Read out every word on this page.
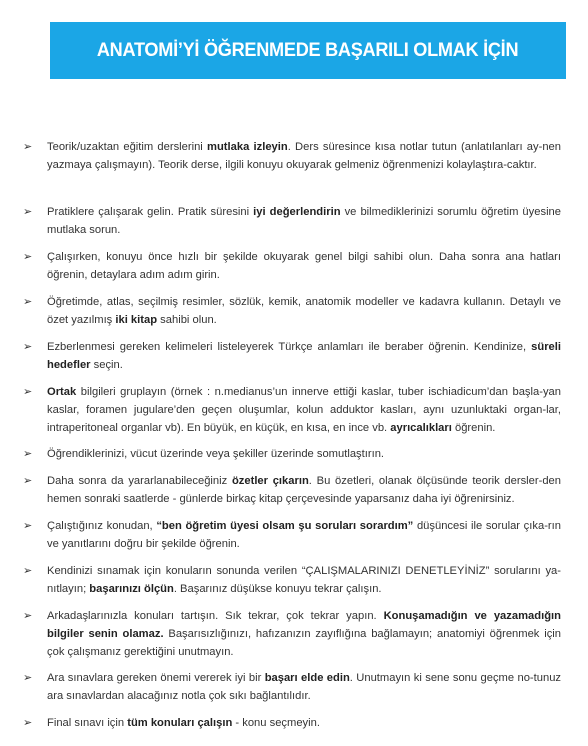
ANATOMİ’Yİ ÖĞRENMEDE BAŞARILI OLMAK İÇİN
➢	Teorik/uzaktan eğitim derslerini mutlaka izleyin. Ders süresince kısa notlar tutun (anlatılanları ay-nen yazmaya çalışmayın). Teorik derse, ilgili konuyu okuyarak gelmeniz öğrenmenizi kolaylaştıra-caktır.
➢	Pratiklere çalışarak gelin. Pratik süresini iyi değerlendirin ve bilmediklerinizi sorumlu öğretim üyesine mutlaka sorun.
➢	Çalışırken, konuyu önce hızlı bir şekilde okuyarak genel bilgi sahibi olun. Daha sonra ana hatları öğrenin, detaylara adım adım girin.
➢	Öğretimde, atlas, seçilmiş resimler, sözlük, kemik, anatomik modeller ve kadavra kullanın. Detaylı ve özet yazılmış iki kitap sahibi olun.
➢	Ezberlenmesi gereken kelimeleri listeleyerek Türkçe anlamları ile beraber öğrenin. Kendinize, süreli hedefler seçin.
➢	Ortak bilgileri gruplayın (örnek : n.medianus’un innerve ettiği kaslar, tuber ischiadicum’dan başla-yan kaslar, foramen jugulare’den geçen oluşumlar, kolun adduktor kasları, aynı uzunluktaki organ-lar, intraperitoneal organlar vb). En büyük, en küçük, en kısa, en ince vb. ayrıcalıkları öğrenin.
➢	Öğrendiklerinizi, vücut üzerinde veya şekiller üzerinde somutlaştırın.
➢	Daha sonra da yararlanabileceğiniz özetler çıkarın. Bu özetleri, olanak ölçüsünde teorik dersler-den hemen sonraki saatlerde - günlerde birkaç kitap çerçevesinde yaparsanız daha iyi öğrenirsiniz.
➢	Çalıştığınız konudan, “ben öğretim üyesi olsam şu soruları sorardım” düşüncesi ile sorular çıka-rın ve yanıtlarını doğru bir şekilde öğrenin.
➢	Kendinizi sınamak için konuların sonunda verilen “ÇALIŞMALARINIZI DENETLEYİNİZ” sorularını ya-nıtlayın; başarınızı ölçün. Başarınız düşükse konuyu tekrar çalışın.
➢	Arkadaşlarınızla konuları tartışın. Sık tekrar, çok tekrar yapın. Konuşamadığın ve yazamadığın bilgiler senin olamaz. Başarısızlığınızı, hafızanızın zayıflığına bağlamayın; anatomiyi öğrenmek için çok çalışmanız gerektiğini unutmayın.
➢	Ara sınavlara gereken önemi vererek iyi bir başarı elde edin. Unutmayın ki sene sonu geçme no-tunuz ara sınavlardan alacağınız notla çok sıkı bağlantılıdır.
➢	Final sınavı için tüm konuları çalışın - konu seçmeyin.
